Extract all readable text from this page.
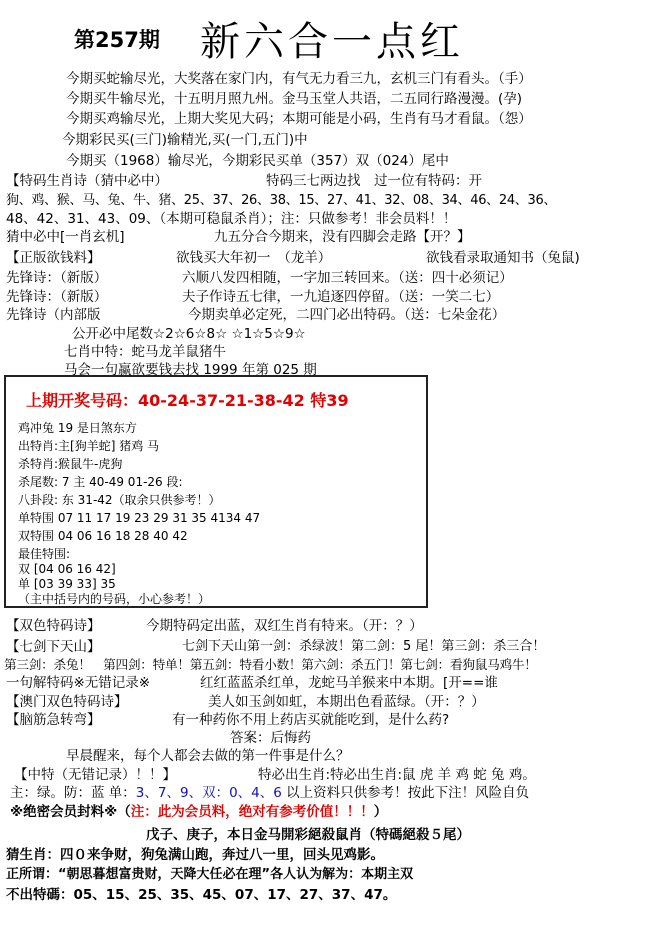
第257期 新六合一点红
今期买蛇输尽光，大奖落在家门内，有气无力看三九，玄机三门有看头。（手）
今期买牛输尽光，十五明月照九州。金马玉堂人共语，二五同行路漫漫。(孕)
今期买鸡输尽光，上期大奖见大码；本期可能是小码，生肖有马才看鼠。（怨）
今期彩民买(三门)输精光,买(一门,五门)中
今期买（1968）输尽光，今期彩民买单（357）双（024）尾中
【特码生肖诗（猜中必中）	特码三七两边找　过一位有特码：开
狗、鸡、猴、马、兔、牛、猪、25、37、26、38、15、27、41、32、08、34、46、24、36、
48、42、31、43、09、（本期可稳鼠杀肖）；注：只做参考！非会员料！！
猜中必中[一肖玄机]	九五分合今期来，没有四脚会走路【开？】
【正版欲钱料】	欲钱买大年初一　（龙羊）	欲钱看录取通知书（兔鼠)
先锋诗：（新版）	六顺八发四相随，一字加三转回来。（送：四十必须记）
先锋诗：（新版）	夫子作诗五七律，一九追逐四停留。（送：一笑二七）
先锋诗（内部版	今期卖单必定死，二四门必出特码。（送：七朵金花）
公开必中尾数☆2☆6☆8☆ ☆1☆5☆9☆
七肖中特：蛇马龙羊鼠猪牛
马会一句赢欲要钱去找 1999 年第 025 期
上期开奖号码：40-24-37-21-38-42 特39
鸡冲兔 19 是日煞东方
出特肖:主[狗羊蛇] 猪鸡 马
杀特肖:猴鼠牛-虎狗
杀尾数: 7 主 40-49 01-26 段:
八卦段: 东 31-42（取余只供参考！）
单特围 07 11 17 19 23 29 31 35 4134 47
双特围 04 06 16 18 28 40 42
最佳特围:
双 [04 06 16 42]
单 [03 39 33] 35
（主中括号内的号码，小心参考！）
【双色特码诗】	今期特码定出蓝，双红生肖有特来。（开：？）
【七剑下天山】	七剑下天山第一剑：杀绿波！第二剑：5 尾！第三剑：杀三合！
第三剑：杀兔！　第四剑：特单！第五剑：特看小数！第六剑：杀五门！第七剑：看狗鼠马鸡牛！
一句解特码※无错记录※	红红蓝蓝杀红单，龙蛇马羊猴来中本期。[开==谁
【澳门双色特码诗】	美人如玉剑如虹，本期出色看蓝绿。（开：？）
【脑筋急转弯】	有一种药你不用上药店买就能吃到，是什么药?
答案：后悔药
早晨醒来，每个人都会去做的第一件事是什么？
【中特（无错记录）！！】	特必出生肖:特必出生肖:鼠 虎 羊 鸡 蛇 兔 鸡。
主：绿。防：蓝 单：3、7、9、双：0、4、6 以上资料只供参考！按此下注！风险自负
※绝密会员封料※（注：此为会员料，绝对有参考价值！！！）
戊子、庚子，本日金马開彩絕殺鼠肖（特碼絕殺５尾）
猜生肖：四０来争财，狗兔满山跑，奔过八一里，回头见鸡影。
正所谓：“朝思暮想富贵财，天降大任必在理”各人认为解为：本期主双
不出特碼：05、15、25、35、45、07、17、27、37、47。
